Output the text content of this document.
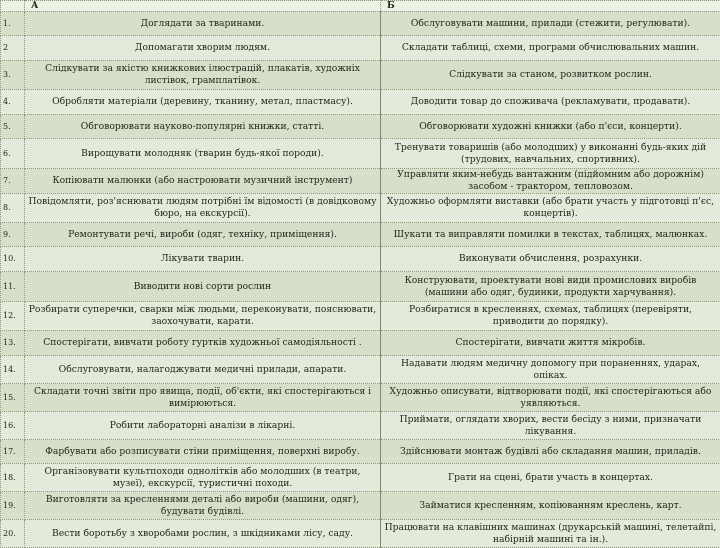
	А	Б
1.	Доглядати за тваринами.	Обслуговувати машини, прилади (стежити, регулювати).
2	Допомагати хворим людям.	Складати таблиці, схеми, програми обчислювальних машин.
3.	Слідкувати за якістю книжкових ілюстрацій, плакатів, художніх листівок, грамплатівок.	Слідкувати за станом, розвитком рослин.
4.	Обробляти матеріали (деревину, тканину, метал, пластмасу).	Доводити товар до споживача (рекламувати, продавати).
5.	Обговорювати науково-популярні книжки, статті.	Обговорювати художні книжки (або п'єси, концерти).
6.	Вирощувати молодняк (тварин будь-якої породи).	Тренувати товаришів (або молодших) у виконанні будь-яких дій (трудових, навчальних, спортивних).
7.	Копіювати малюнки (або настроювати музичний інструмент)	Управляти яким-небудь вантажним (підйомним або дорожнім) засобом - трактором, тепловозом.
8.	Повідомляти, роз'яснювати людям потрібні їм відомості (в довідковому бюро, на екскурсії).	Художньо оформляти виставки (або брати участь у підготовці п'єс, концертів).
9.	Ремонтувати речі, вироби (одяг, техніку, приміщення).	Шукати та виправляти помилки в текстах, таблицях, малюнках.
10.	Лікувати тварин.	Виконувати обчислення, розрахунки.
11.	Виводити нові сорти рослин	Конструювати, проектувати нові види промислових виробів (машини або одяг, будинки, продукти харчування).
12.	Розбирати суперечки, сварки між людьми, переконувати, пояснювати, заохочувати, карати.	Розбиратися в кресленнях, схемах, таблицях (перевіряти, приводити до порядку).
13.	Спостерігати, вивчати роботу гуртків художньої самодіяльності .	Спостерігати, вивчати життя мікробів.
14.	Обслуговувати, налагоджувати медичні прилади, апарати.	Надавати людям медичну допомогу при пораненнях, ударах, опіках.
15.	Складати точні звіти про явища, події, об'єкти, які спостерігаються і вимірюються.	Художньо описувати, відтворювати події, які спостерігаються або уявляються.
16.	Робити лабораторні аналізи в лікарні.	Приймати, оглядати хворих, вести бесіду з ними, призначати лікування.
17.	Фарбувати або розписувати стіни приміщення, поверхні виробу.	Здійснювати монтаж будівлі або складання машин, приладів.
18.	Організовувати культпоходи однолітків або молодших (в театри, музеї), екскурсії, туристичні походи.	Грати на сцені, брати участь в концертах.
19.	Виготовляти за кресленнями деталі або вироби (машини, одяг), будувати будівлі.	Займатися кресленням, копіюванням креслень, карт.
20.	Вести боротьбу з хворобами рослин, з шкідниками лісу, саду.	Працювати на клавішних машинах (друкарській машині, телетайпі, набірній машині та ін.).
